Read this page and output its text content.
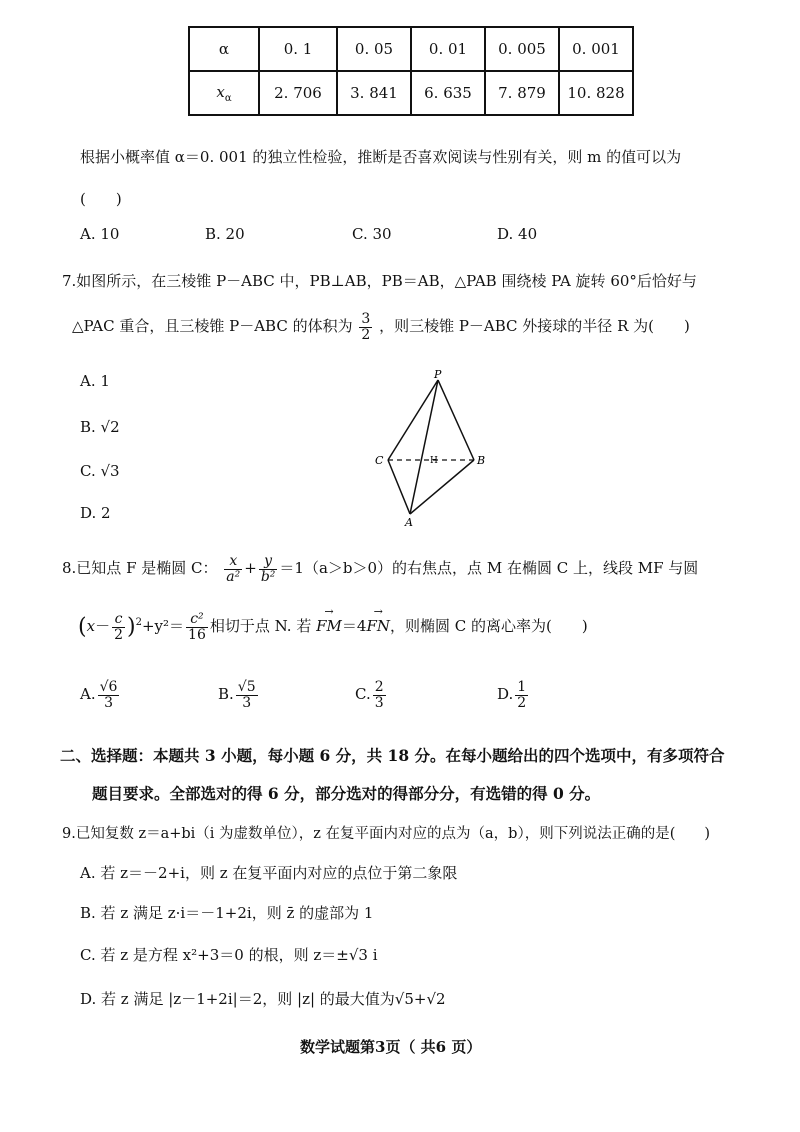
α	0. 1	0. 05	0. 01	0. 005	0. 001
$x_\alpha$	2. 706	3. 841	6. 635	7. 879	10. 828
根据小概率值 α＝0. 001 的独立性检验，推断是否喜欢阅读与性别有关，则 m 的值可以为
(　　)
A. 10	B. 20	C. 30	D. 40
7.如图所示，在三棱锥 P－ABC 中，PB⊥AB，PB＝AB，△PAB 围绕棱 PA 旋转 60°后恰好与
△PAC 重合，且三棱锥 P－ABC 的体积为 $\frac{3}{2}$ ，则三棱锥 P－ABC 外接球的半径 R 为(　　)
A. 1
B. √2
C. √3
D. 2
P
C	B
A
H
8.已知点 F 是椭圆 C： $\frac{x}{\text{a²}} + \frac{y}{\text{b²}} =1(a>b>0)$的右焦点，点 M 在椭圆 C 上，线段 MF 与圆
$(x- \frac{c}{2} )^2+y^2= \frac{\text{c²}}{16}$ 相切于点 N. 若 → FM＝4→ FN，则椭圆 C 的离心率为(　　)
A. $\frac{√6}{3}$	B. $\frac{√5}{3}$	C. $\frac{2}{3}$	D. $\frac{1}{2}$
二、选择题：本题共 3 小题，每小题 6 分，共 18 分。在每小题给出的四个选项中，有多项符合
题目要求。全部选对的得 6 分，部分选对的得部分分，有选错的得 0 分。
9.已知复数 z＝a+bi（i 为虚数单位），z 在复平面内对应的点为（a，b），则下列说法正确的是(　　)
A. 若 z＝－2+i，则 z 在复平面内对应的点位于第二象限
B. 若 z 满足 z·i＝－1+2i，则 z̄ 的虚部为 1
C. 若 z 是方程 x²+3＝0 的根，则 z＝±√3 i
D. 若 z 满足 |z－1+2i|＝2，则 |z| 的最大值为√5+√2
数学试题第3页（ 共6 页）
